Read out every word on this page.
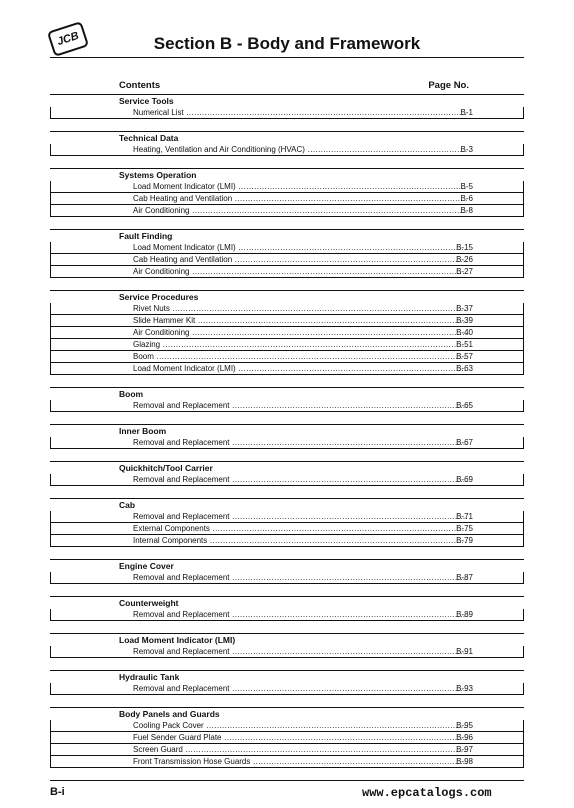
JCB	Section B - Body and Framework
Contents	Page No.
Service Tools
Numerical List .....	B-1
Technical Data
Heating, Ventilation and Air Conditioning (HVAC) .....	B-3
Systems Operation
Load Moment Indicator (LMI) .....	B-5
Cab Heating and Ventilation .....	B-6
Air Conditioning .....	B-8
Fault Finding
Load Moment Indicator (LMI) .....	B-15
Cab Heating and Ventilation .....	B-26
Air Conditioning .....	B-27
Service Procedures
Rivet Nuts .....	B-37
Slide Hammer Kit .....	B-39
Air Conditioning .....	B-40
Glazing .....	B-51
Boom .....	B-57
Load Moment Indicator (LMI) .....	B-63
Boom
Removal and Replacement .....	B-65
Inner Boom
Removal and Replacement .....	B-67
Quickhitch/Tool Carrier
Removal and Replacement .....	B-69
Cab
Removal and Replacement .....	B-71
External Components .....	B-75
Internal Components .....	B-79
Engine Cover
Removal and Replacement .....	B-87
Counterweight
Removal and Replacement .....	B-89
Load Moment Indicator (LMI)
Removal and Replacement .....	B-91
Hydraulic Tank
Removal and Replacement .....	B-93
Body Panels and Guards
Cooling Pack Cover .....	B-95
Fuel Sender Guard Plate .....	B-96
Screen Guard .....	B-97
Front Transmission Hose Guards .....	B-98
B-i	www.epcatalogs.com
